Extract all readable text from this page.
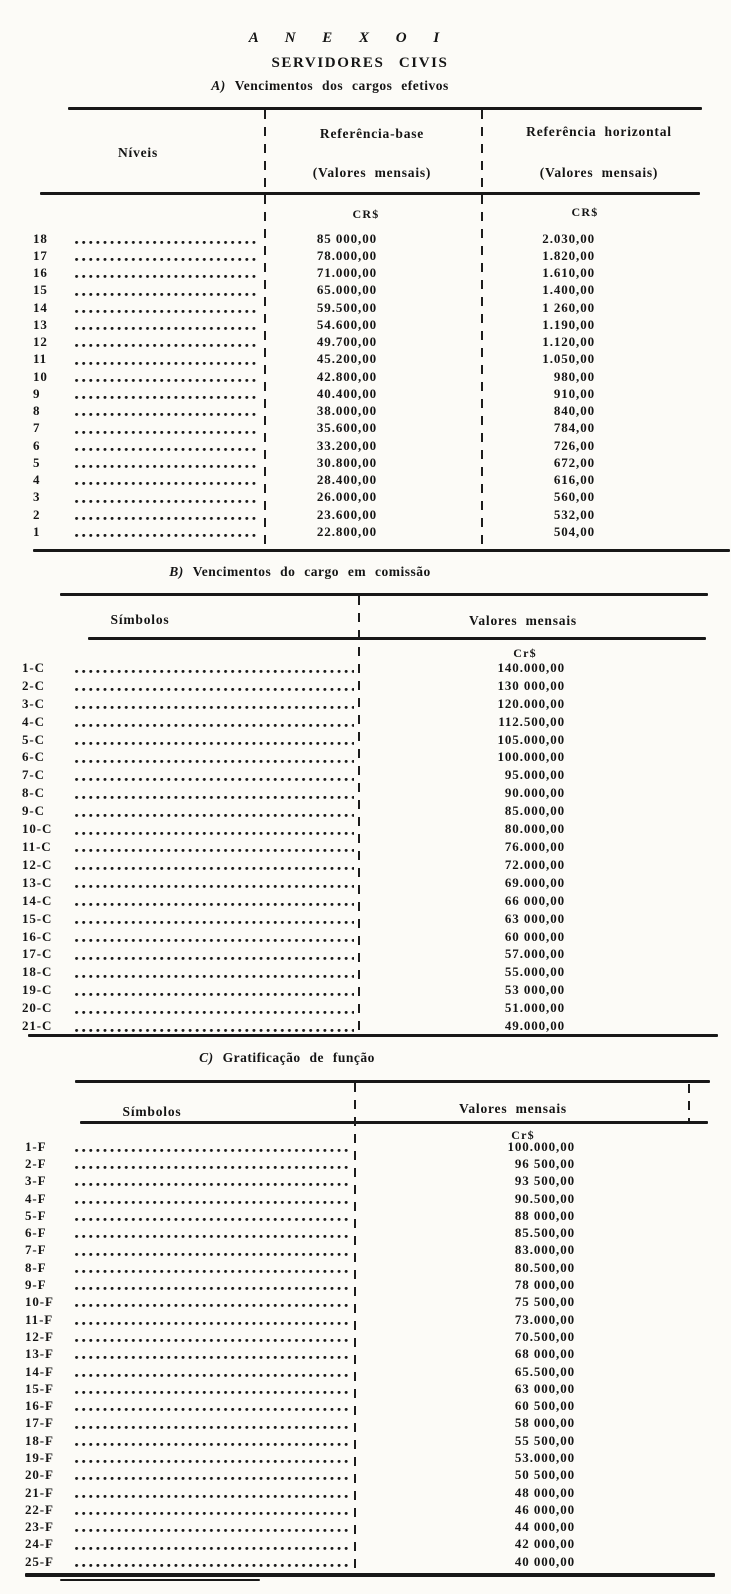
A N E X O I
SERVIDORES CIVIS
A) Vencimentos dos cargos efetivos
Níveis
Referência-base
(Valores mensais)
Referência horizontal
(Valores mensais)
CR$	CR$
18	85 000,00	2.030,00
17	78.000,00	1.820,00
16	71.000,00	1.610,00
15	65.000,00	1.400,00
14	59.500,00	1 260,00
13	54.600,00	1.190,00
12	49.700,00	1.120,00
11	45.200,00	1.050,00
10	42.800,00	980,00
9	40.400,00	910,00
8	38.000,00	840,00
7	35.600,00	784,00
6	33.200,00	726,00
5	30.800,00	672,00
4	28.400,00	616,00
3	26.000,00	560,00
2	23.600,00	532,00
1	22.800,00	504,00
B) Vencimentos do cargo em comissão
Símbolos	Valores mensais
Cr$
1-C	140.000,00
2-C	130 000,00
3-C	120.000,00
4-C	112.500,00
5-C	105.000,00
6-C	100.000,00
7-C	95.000,00
8-C	90.000,00
9-C	85.000,00
10-C	80.000,00
11-C	76.000,00
12-C	72.000,00
13-C	69.000,00
14-C	66 000,00
15-C	63 000,00
16-C	60 000,00
17-C	57.000,00
18-C	55.000,00
19-C	53 000,00
20-C	51.000,00
21-C	49.000,00
C) Gratificação de função
Símbolos	Valores mensais
Cr$
1-F	100.000,00
2-F	96 500,00
3-F	93 500,00
4-F	90.500,00
5-F	88 000,00
6-F	85.500,00
7-F	83.000,00
8-F	80.500,00
9-F	78 000,00
10-F	75 500,00
11-F	73.000,00
12-F	70.500,00
13-F	68 000,00
14-F	65.500,00
15-F	63 000,00
16-F	60 500,00
17-F	58 000,00
18-F	55 500,00
19-F	53.000,00
20-F	50 500,00
21-F	48 000,00
22-F	46 000,00
23-F	44 000,00
24-F	42 000,00
25-F	40 000,00
